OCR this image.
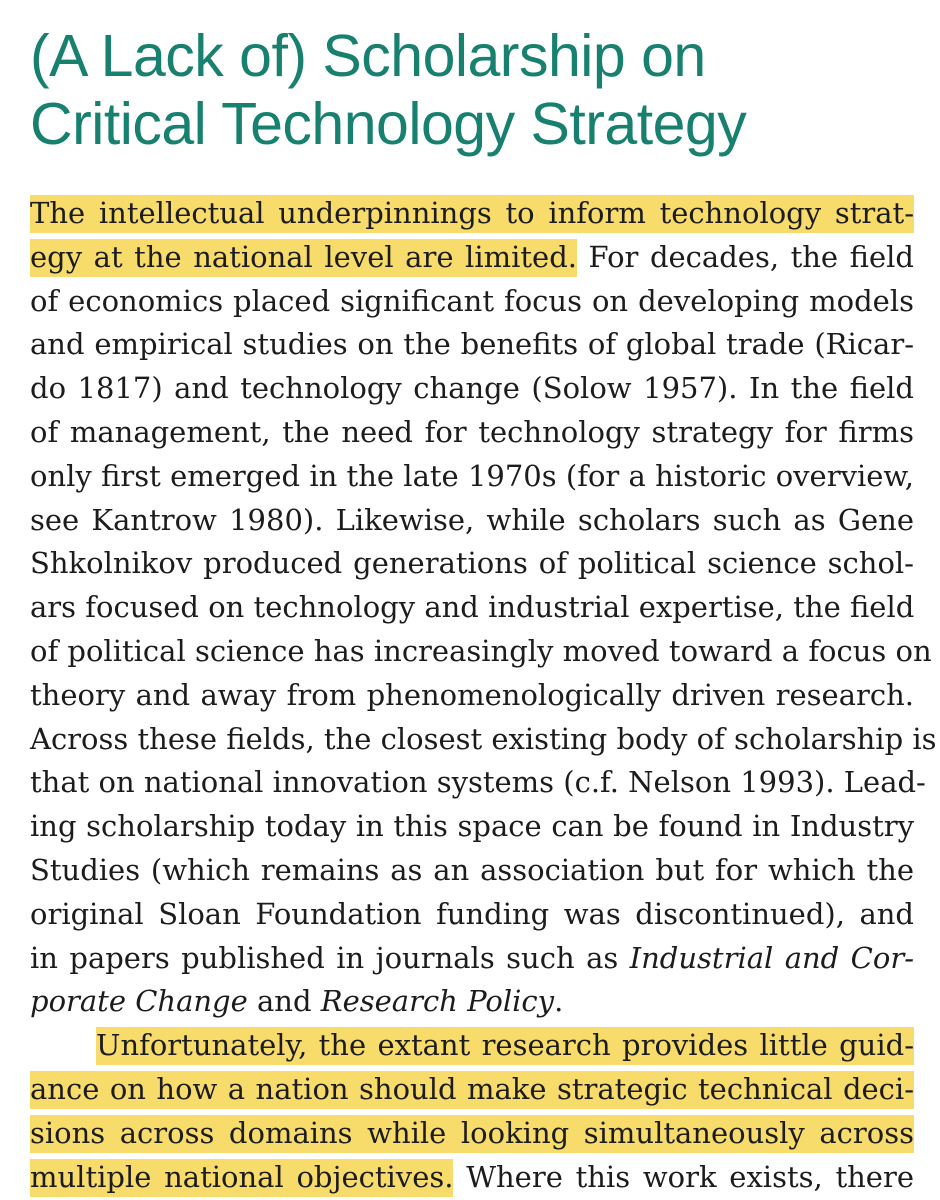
(A Lack of) Scholarship on
Critical Technology Strategy
The intellectual underpinnings to inform technology strat-
egy at the national level are limited. For decades, the field
of economics placed significant focus on developing models
and empirical studies on the benefits of global trade (Ricar-
do 1817) and technology change (Solow 1957). In the field
of management, the need for technology strategy for firms
only first emerged in the late 1970s (for a historic overview,
see Kantrow 1980). Likewise, while scholars such as Gene
Shkolnikov produced generations of political science schol-
ars focused on technology and industrial expertise, the field
of political science has increasingly moved toward a focus on
theory and away from phenomenologically driven research.
Across these fields, the closest existing body of scholarship is
that on national innovation systems (c.f. Nelson 1993). Lead-
ing scholarship today in this space can be found in Industry
Studies (which remains as an association but for which the
original Sloan Foundation funding was discontinued), and
in papers published in journals such as Industrial and Cor-
porate Change and Research Policy.
Unfortunately, the extant research provides little guid-
ance on how a nation should make strategic technical deci-
sions across domains while looking simultaneously across
multiple national objectives. Where this work exists, there
